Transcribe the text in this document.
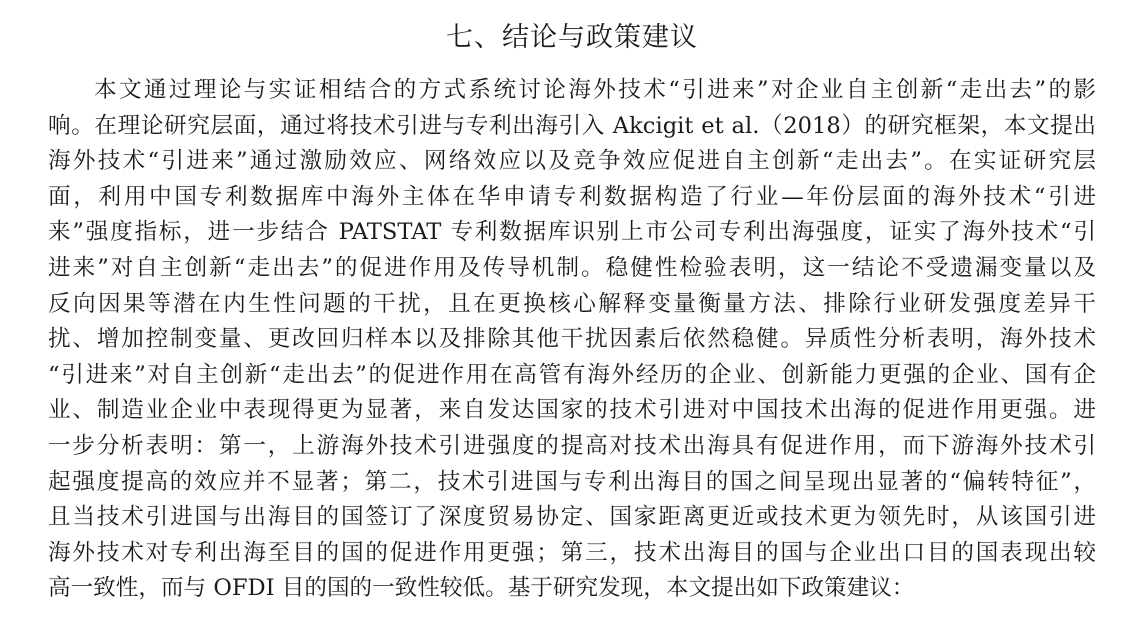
七、结论与政策建议
本文通过理论与实证相结合的方式系统讨论海外技术“引进来”对企业自主创新“走出去”的影
响。在理论研究层面，通过将技术引进与专利出海引入 Akcigit et al.（2018）的研究框架，本文提出
海外技术“引进来”通过激励效应、网络效应以及竞争效应促进自主创新“走出去”。在实证研究层
面，利用中国专利数据库中海外主体在华申请专利数据构造了行业—年份层面的海外技术“引进
来”强度指标，进一步结合 PATSTAT 专利数据库识别上市公司专利出海强度，证实了海外技术“引
进来”对自主创新“走出去”的促进作用及传导机制。稳健性检验表明，这一结论不受遗漏变量以及
反向因果等潜在内生性问题的干扰，且在更换核心解释变量衡量方法、排除行业研发强度差异干
扰、增加控制变量、更改回归样本以及排除其他干扰因素后依然稳健。异质性分析表明，海外技术
“引进来”对自主创新“走出去”的促进作用在高管有海外经历的企业、创新能力更强的企业、国有企
业、制造业企业中表现得更为显著，来自发达国家的技术引进对中国技术出海的促进作用更强。进
一步分析表明：第一，上游海外技术引进强度的提高对技术出海具有促进作用，而下游海外技术引
起强度提高的效应并不显著；第二，技术引进国与专利出海目的国之间呈现出显著的“偏转特征”，
且当技术引进国与出海目的国签订了深度贸易协定、国家距离更近或技术更为领先时，从该国引进
海外技术对专利出海至目的国的促进作用更强；第三，技术出海目的国与企业出口目的国表现出较
高一致性，而与 OFDI 目的国的一致性较低。基于研究发现，本文提出如下政策建议：
